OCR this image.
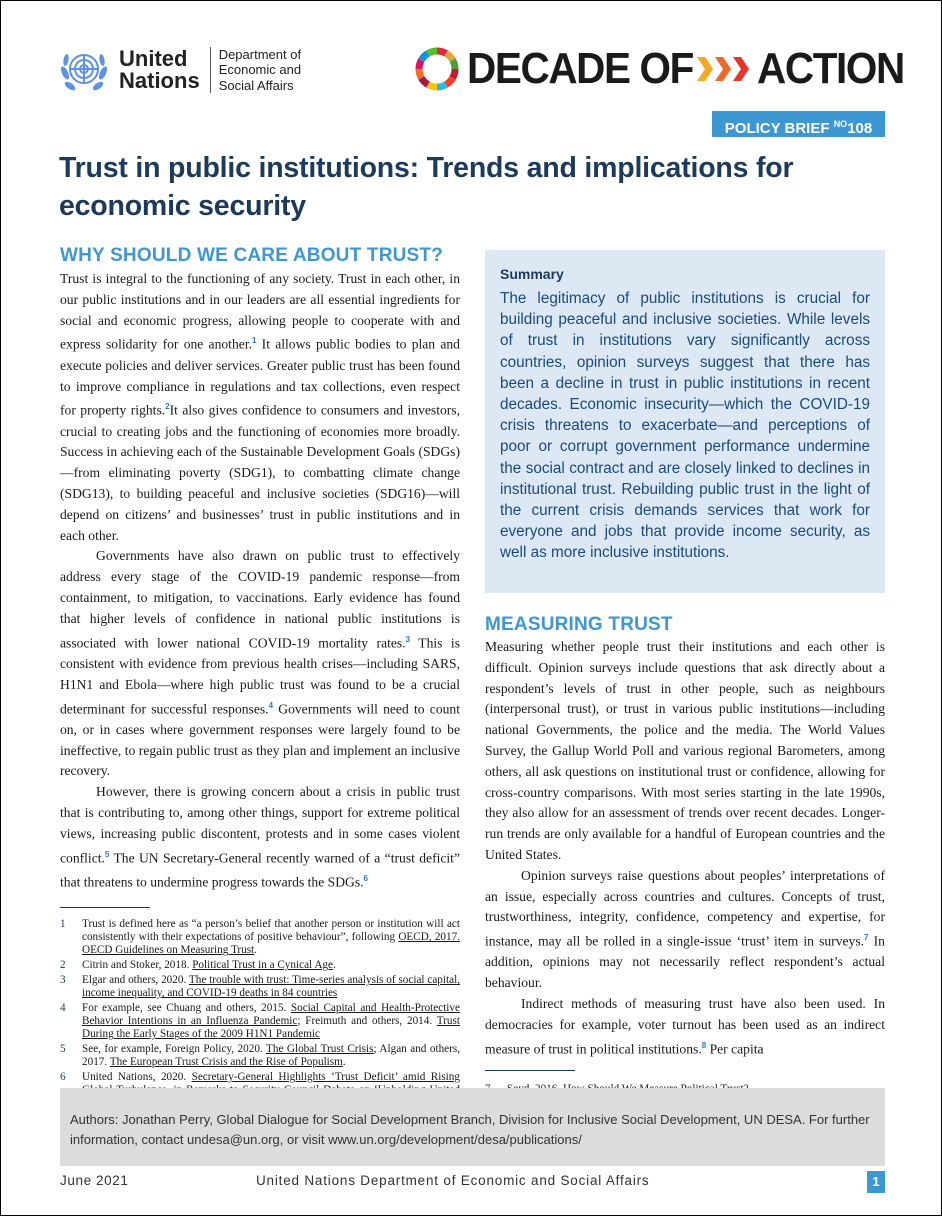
United
Nations
Department of
Economic and
Social Affairs	DECADE OF ACTION
POLICY BRIEF $^{NO}$108
Trust in public institutions: Trends and implications for economic security
WHY SHOULD WE CARE ABOUT TRUST?

Trust is integral to the functioning of any society. Trust in each other, in our public institutions and in our leaders are all essential ingredients for social and economic progress, allowing people to cooperate with and express solidarity for one another.$^1$ It allows public bodies to plan and execute policies and deliver services. Greater public trust has been found to improve compliance in regulations and tax collections, even respect for property rights.$^2$It also gives confidence to consumers and investors, crucial to creating jobs and the functioning of economies more broadly. Success in achieving each of the Sustainable Development Goals (SDGs)—from eliminating poverty (SDG1), to combatting climate change (SDG13), to building peaceful and inclusive societies (SDG16)—will depend on citizens’ and businesses’ trust in public institutions and in each other.

Governments have also drawn on public trust to effectively address every stage of the COVID-19 pandemic response—from containment, to mitigation, to vaccinations. Early evidence has found that higher levels of confidence in national public institutions is associated with lower national COVID-19 mortality rates.$^3$ This is consistent with evidence from previous health crises—including SARS, H1N1 and Ebola—where high public trust was found to be a crucial determinant for successful responses.$^4$ Governments will need to count on, or in cases where government responses were largely found to be ineffective, to regain public trust as they plan and implement an inclusive recovery.

However, there is growing concern about a crisis in public trust that is contributing to, among other things, support for extreme political views, increasing public discontent, protests and in some cases violent conflict.$^5$ The UN Secretary-General recently warned of a “trust deficit” that threatens to undermine progress towards the SDGs.$^6$

1	Trust is defined here as “a person’s belief that another person or institution will act consistently with their expectations of positive behaviour”, following OECD, 2017. OECD Guidelines on Measuring Trust.
2	Citrin and Stoker, 2018. Political Trust in a Cynical Age.
3	Elgar and others, 2020. The trouble with trust: Time-series analysis of social capital, income inequality, and COVID-19 deaths in 84 countries
4	For example, see Chuang and others, 2015. Social Capital and Health-Protective Behavior Intentions in an Influenza Pandemic; Freimuth and others, 2014. Trust During the Early Stages of the 2009 H1N1 Pandemic
5	See, for example, Foreign Policy, 2020. The Global Trust Crisis; Algan and others, 2017. The European Trust Crisis and the Rise of Populism.
6	United Nations, 2020. Secretary-General Highlights ‘Trust Deficit’ amid Rising
Summary

The legitimacy of public institutions is crucial for building peaceful and inclusive societies. While levels of trust in institutions vary significantly across countries, opinion surveys suggest that there has been a decline in trust in public institutions in recent decades. Economic insecurity—which the COVID-19 crisis threatens to exacerbate—and perceptions of poor or corrupt government performance undermine the social contract and are closely linked to declines in institutional trust. Rebuilding public trust in the light of the current crisis demands services that work for everyone and jobs that provide income security, as well as more inclusive institutions.

MEASURING TRUST

Measuring whether people trust their institutions and each other is difficult. Opinion surveys include questions that ask directly about a respondent’s levels of trust in other people, such as neighbours (interpersonal trust), or trust in various public institutions—including national Governments, the police and the media. The World Values Survey, the Gallup World Poll and various regional Barometers, among others, all ask questions on institutional trust or confidence, allowing for cross-country comparisons. With most series starting in the late 1990s, they also allow for an assessment of trends over recent decades. Longer-run trends are only available for a handful of European countries and the United States.

Opinion surveys raise questions about peoples’ interpretations of an issue, especially across countries and cultures. Concepts of trust, trustworthiness, integrity, confidence, competency and expertise, for instance, may all be rolled in a single-issue ‘trust’ item in surveys.$^7$ In addition, opinions may not necessarily reflect respondent’s actual behaviour.

Indirect methods of measuring trust have also been used. In democracies for example, voter turnout has been used as an indirect measure of trust in political institutions.$^8$ Per capita

Authors: Jonathan Perry, Global Dialogue for Social Development Branch, Division for Inclusive Social Development, UN DESA. For further information, contact undesa@un.org, or visit www.un.org/development/desa/publications/
June 2021	United Nations Department of Economic and Social Affairs	1
